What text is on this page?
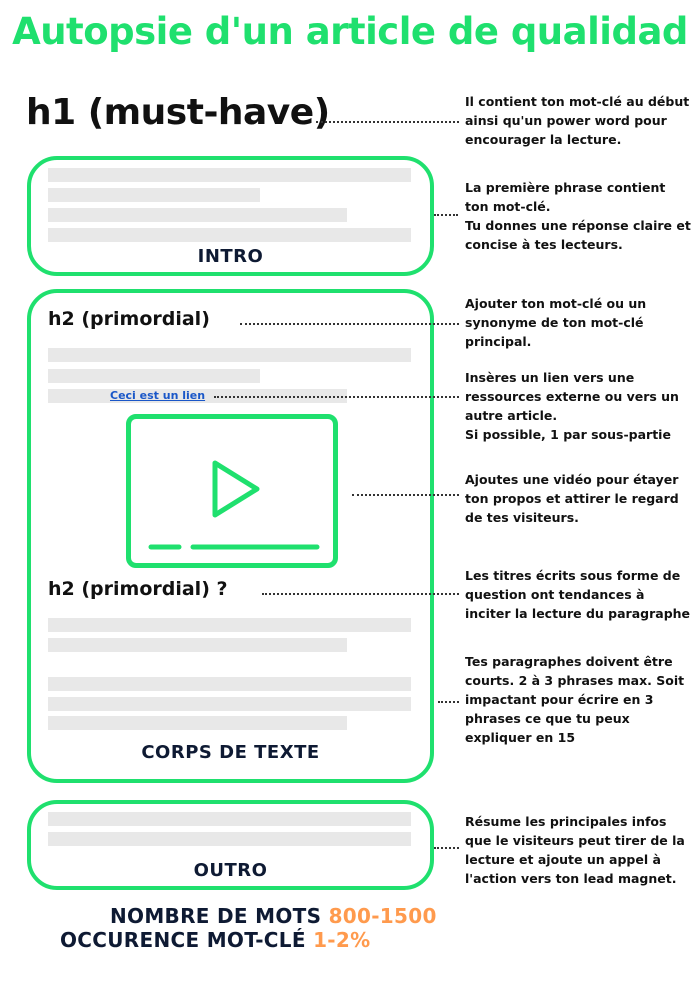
Autopsie d'un article de qualidad
h1 (must-have)	Il contient ton mot-clé au début ainsi qu'un power word pour encourager la lecture.
INTRO
La première phrase contient ton mot-clé.
Tu donnes une réponse claire et concise à tes lecteurs.
h2 (primordial)
Ajouter ton mot-clé ou un synonyme de ton mot-clé principal.
Ceci est un lien
Insères un lien vers une ressources externe ou vers un autre article.
Si possible, 1 par sous-partie
Ajoutes une vidéo pour étayer ton propos et attirer le regard de tes visiteurs.
h2 (primordial) ?
Les titres écrits sous forme de question ont tendances à inciter la lecture du paragraphe
Tes paragraphes doivent être courts. 2 à 3 phrases max. Soit impactant pour écrire en 3 phrases ce que tu peux expliquer en 15
CORPS DE TEXTE
OUTRO
Résume les principales infos que le visiteurs peut tirer de la lecture et ajoute un appel à l'action vers ton lead magnet.
NOMBRE DE MOTS 800-1500
OCCURENCE MOT-CLÉ 1-2%
